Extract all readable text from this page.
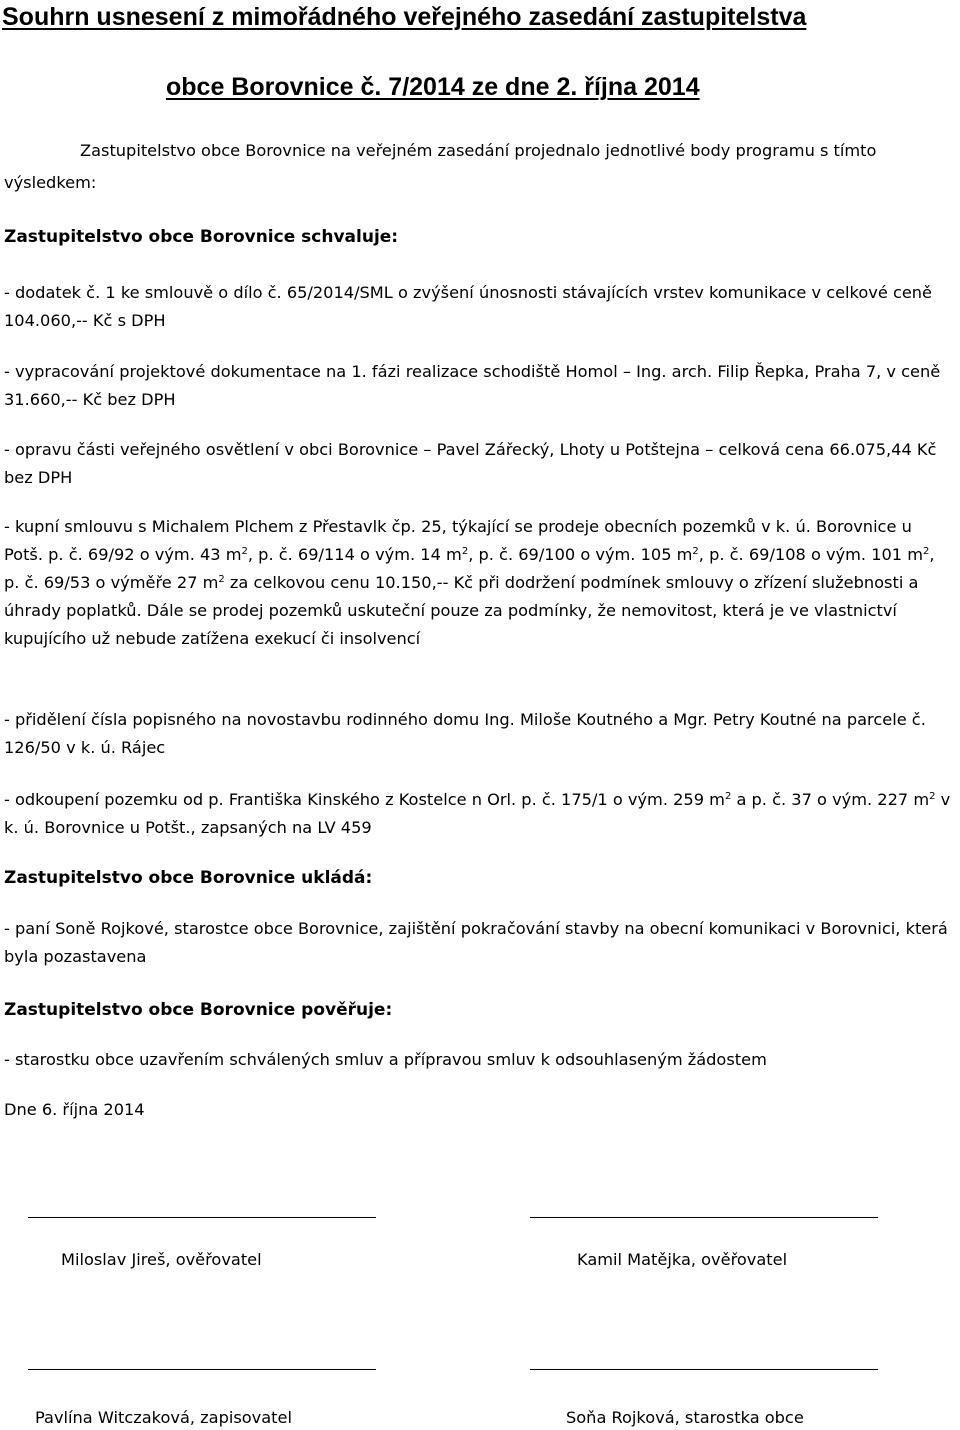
Souhrn usnesení z mimořádného veřejného zasedání zastupitelstva
obce Borovnice č. 7/2014 ze dne 2. října 2014

Zastupitelstvo obce Borovnice na veřejném zasedání projednalo jednotlivé body programu s tímto výsledkem:

Zastupitelstvo obce Borovnice schvaluje:

- dodatek č. 1 ke smlouvě o dílo č. 65/2014/SML o zvýšení únosnosti stávajících vrstev komunikace v celkové ceně 104.060,-- Kč s DPH

- vypracování projektové dokumentace na 1. fázi realizace schodiště Homol – Ing. arch. Filip Řepka, Praha 7, v ceně 31.660,-- Kč bez DPH

- opravu části veřejného osvětlení v obci Borovnice – Pavel Zářecký, Lhoty u Potštejna – celková cena 66.075,44 Kč bez DPH

- kupní smlouvu s Michalem Plchem z Přestavlk čp. 25, týkající se prodeje obecních pozemků v k. ú. Borovnice u Potš. p. č. 69/92 o vým. 43 $m^2$, p. č. 69/114 o vým. 14 $m^2$, p. č. 69/100 o vým. 105 $m^2$, p. č. 69/108 o vým. 101 $m^2$, p. č. 69/53 o výměře 27 $m^2$ za celkovou cenu 10.150,-- Kč při dodržení podmínek smlouvy o zřízení služebnosti a úhrady poplatků. Dále se prodej pozemků uskuteční pouze za podmínky, že nemovitost, která je ve vlastnictví kupujícího už nebude zatížena exekucí či insolvencí

- přidělení čísla popisného na novostavbu rodinného domu Ing. Miloše Koutného a Mgr. Petry Koutné na parcele č. 126/50 v k. ú. Rájec

- odkoupení pozemku od p. Františka Kinského z Kostelce n Orl. p. č. 175/1 o vým. 259 $m^2$ a p. č. 37 o vým. 227 $m^2$ v k. ú. Borovnice u Potšt., zapsaných na LV 459

Zastupitelstvo obce Borovnice ukládá:

- paní Soně Rojkové, starostce obce Borovnice, zajištění pokračování stavby na obecní komunikaci v Borovnici, která byla pozastavena

Zastupitelstvo obce Borovnice pověřuje:

- starostku obce uzavřením schválených smluv a přípravou smluv k odsouhlaseným žádostem

Dne 6. října 2014

Miloslav Jireš, ověřovatel	Kamil Matějka, ověřovatel

Pavlína Witczaková, zapisovatel	Soňa Rojková, starostka obce
